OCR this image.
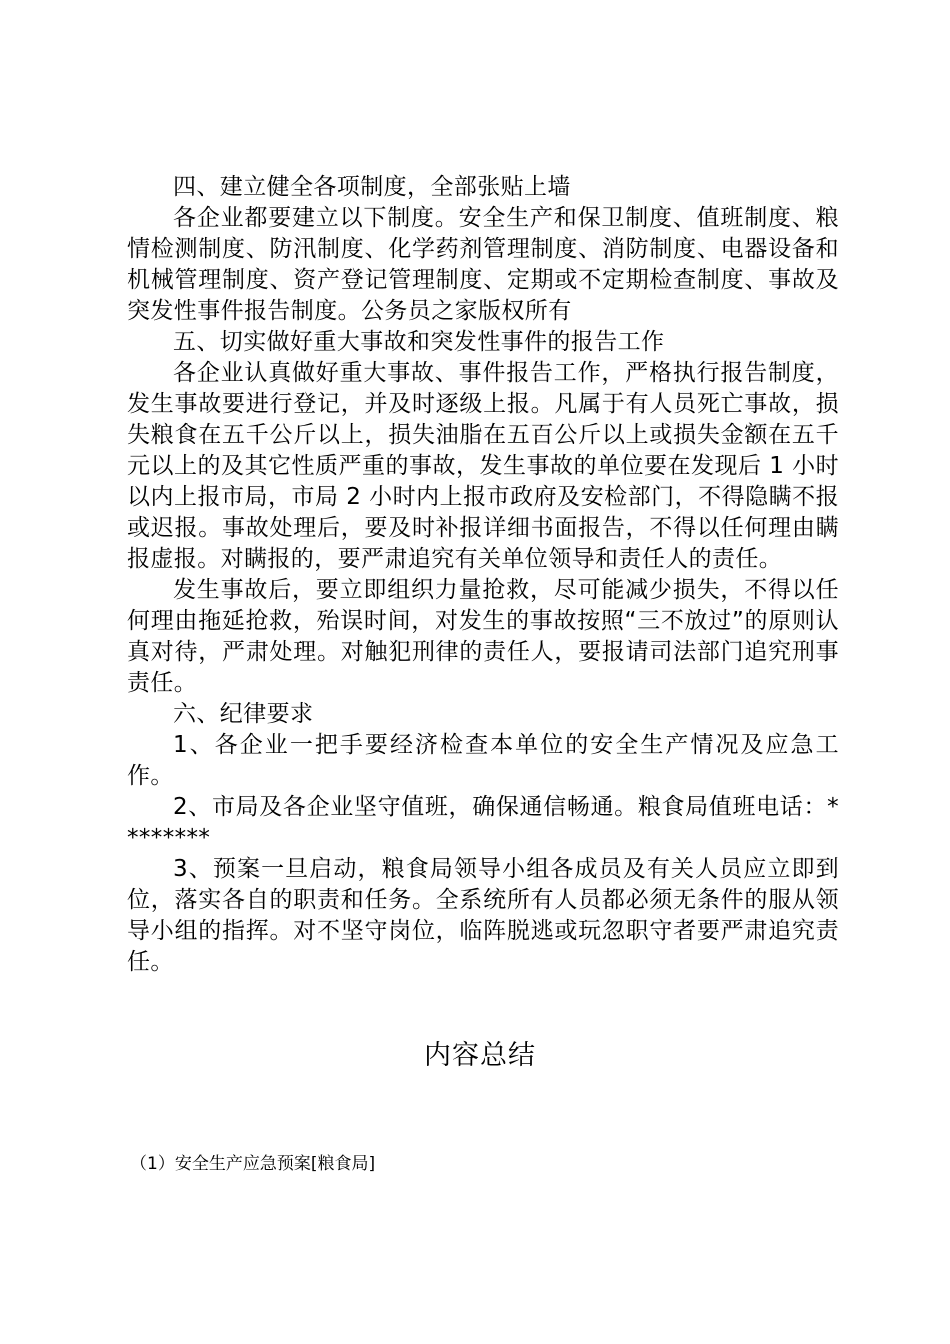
四、建立健全各项制度，全部张贴上墙

各企业都要建立以下制度。安全生产和保卫制度、值班制度、粮情检测制度、防汛制度、化学药剂管理制度、消防制度、电器设备和机械管理制度、资产登记管理制度、定期或不定期检查制度、事故及突发性事件报告制度。公务员之家版权所有

五、切实做好重大事故和突发性事件的报告工作

各企业认真做好重大事故、事件报告工作，严格执行报告制度，发生事故要进行登记，并及时逐级上报。凡属于有人员死亡事故，损失粮食在五千公斤以上，损失油脂在五百公斤以上或损失金额在五千元以上的及其它性质严重的事故，发生事故的单位要在发现后 1 小时以内上报市局，市局 2 小时内上报市政府及安检部门，不得隐瞒不报或迟报。事故处理后，要及时补报详细书面报告，不得以任何理由瞒报虚报。对瞒报的，要严肃追究有关单位领导和责任人的责任。

发生事故后，要立即组织力量抢救，尽可能减少损失，不得以任何理由拖延抢救，殆误时间，对发生的事故按照“三不放过”的原则认真对待，严肃处理。对触犯刑律的责任人，要报请司法部门追究刑事责任。

六、纪律要求

1、各企业一把手要经济检查本单位的安全生产情况及应急工作。

2、市局及各企业坚守值班，确保通信畅通。粮食局值班电话：********

3、预案一旦启动，粮食局领导小组各成员及有关人员应立即到位，落实各自的职责和任务。全系统所有人员都必须无条件的服从领导小组的指挥。对不坚守岗位，临阵脱逃或玩忽职守者要严肃追究责任。

内容总结
（1）安全生产应急预案[粮食局]
